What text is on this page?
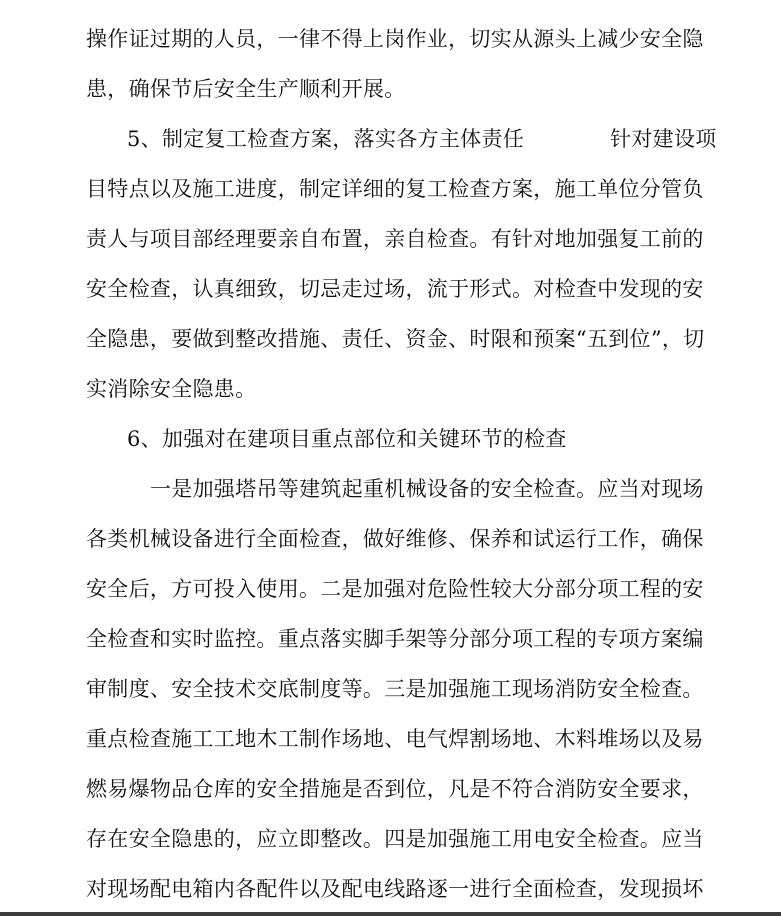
操作证过期的人员，一律不得上岗作业，切实从源头上减少安全隐
患，确保节后安全生产顺利开展。
5、制定复工检查方案，落实各方主体责任	针对建设项
目特点以及施工进度，制定详细的复工检查方案，施工单位分管负
责人与项目部经理要亲自布置，亲自检查。有针对地加强复工前的
安全检查，认真细致，切忌走过场，流于形式。对检查中发现的安
全隐患，要做到整改措施、责任、资金、时限和预案“五到位”，切
实消除安全隐患。
6、加强对在建项目重点部位和关键环节的检查
一是加强塔吊等建筑起重机械设备的安全检查。应当对现场
各类机械设备进行全面检查，做好维修、保养和试运行工作，确保
安全后，方可投入使用。二是加强对危险性较大分部分项工程的安
全检查和实时监控。重点落实脚手架等分部分项工程的专项方案编
审制度、安全技术交底制度等。三是加强施工现场消防安全检查。
重点检查施工工地木工制作场地、电气焊割场地、木料堆场以及易
燃易爆物品仓库的安全措施是否到位，凡是不符合消防安全要求，
存在安全隐患的，应立即整改。四是加强施工用电安全检查。应当
对现场配电箱内各配件以及配电线路逐一进行全面检查，发现损坏
